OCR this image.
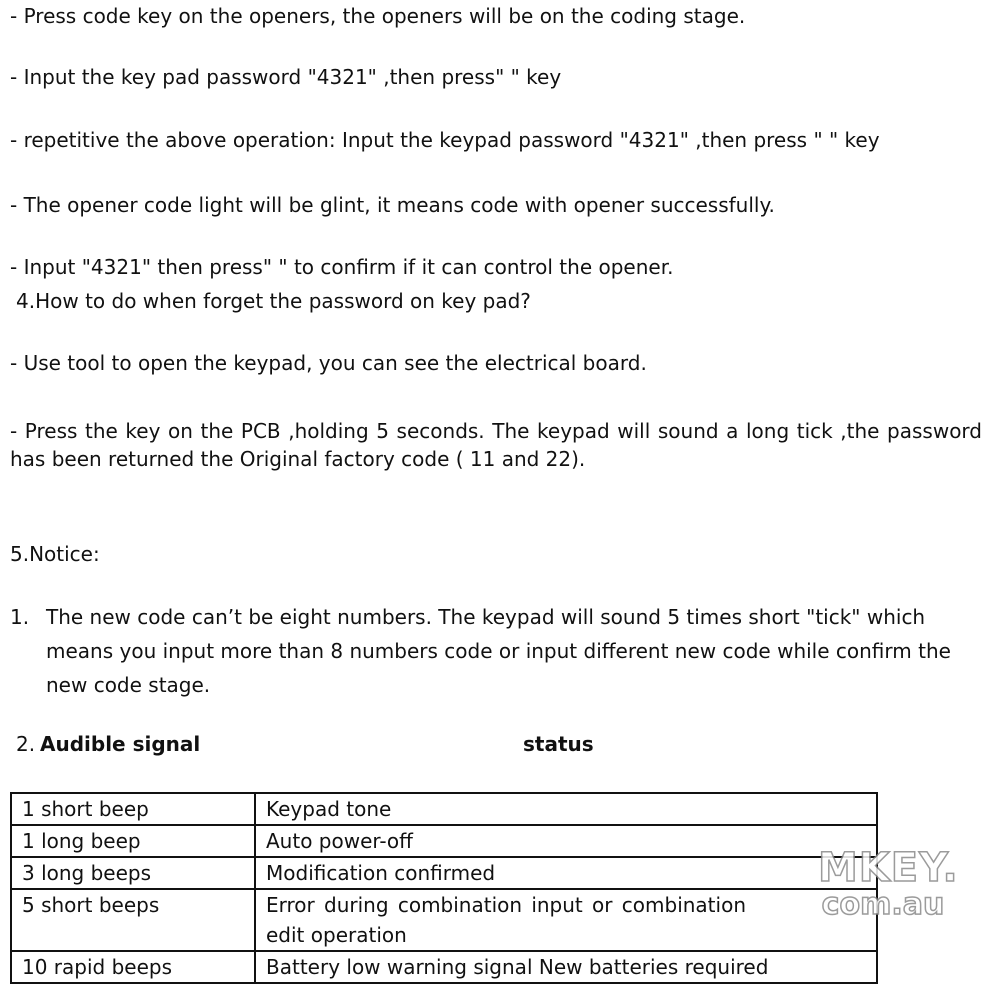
- Press code key on the openers, the openers will be on the coding stage.
- Input the key pad password "4321" ,then press" " key
- repetitive the above operation: Input the keypad password "4321" ,then press " " key
- The opener code light will be glint, it means code with opener successfully.
- Input "4321" then press" " to confirm if it can control the opener.
4.How to do when forget the password on key pad?
- Use tool to open the keypad, you can see the electrical board.
- Press the key on the PCB ,holding 5 seconds. The keypad will sound a long tick ,the password has been returned the Original factory code ( 11 and 22).
5.Notice:
1. The new code can’t be eight numbers. The keypad will sound 5 times short "tick" which means you input more than 8 numbers code or input different new code while confirm the new code stage.
2. Audible signal	status
1 short beep	Keypad tone
1 long beep	Auto power-off
3 long beeps	Modification confirmed
5 short beeps	Error during combination input or combination edit operation
10 rapid beeps	Battery low warning signal New batteries required
MKEY.
com.au
